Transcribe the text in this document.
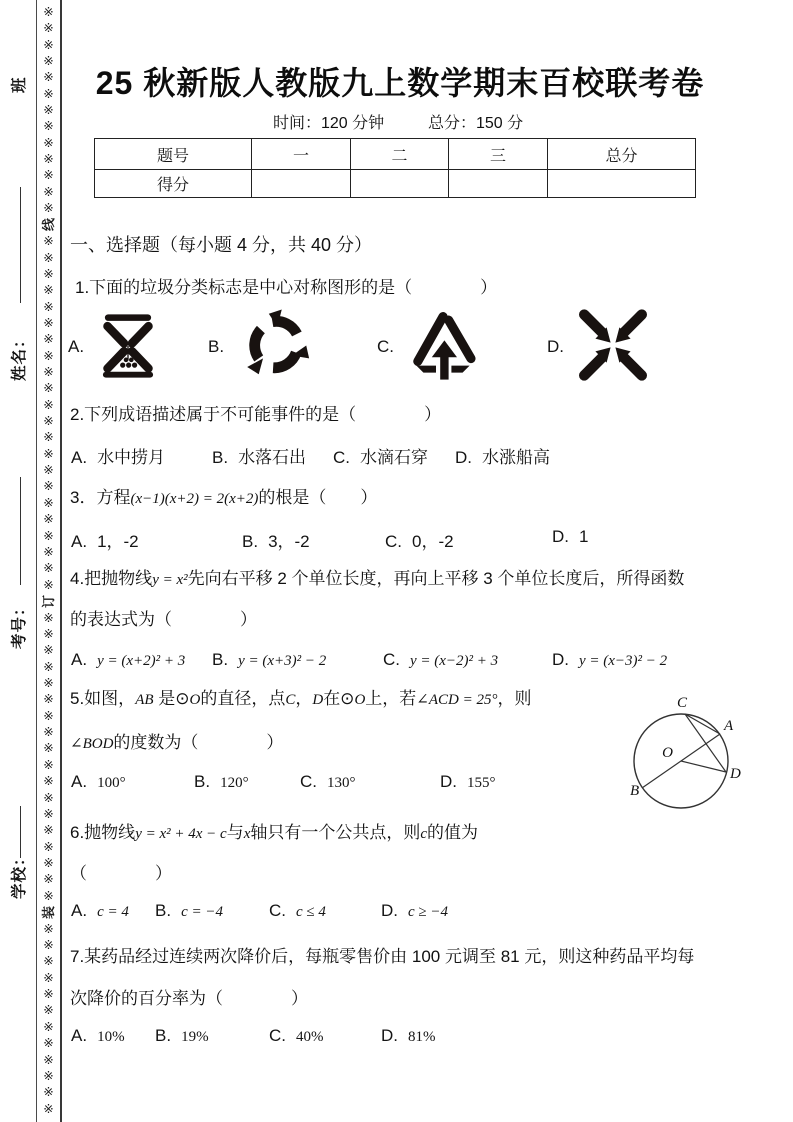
※
※
※
※
※
※
※
※
※
※
※
※
※
线
※
※
※
※
※
※
※
※
※
※
※
※
※
※
※
※
※
※
※
※
※
※
订
※
※
※
※
※
※
※
※
※
※
※
※
※
※
※
※
※
※
装
※
※
※
※
※
※
※
※
※
※
※
※
班
姓名：
考号：
学校：
25 秋新版人教版九上数学期末百校联考卷
时间：120 分钟	总分：150 分
题号	一	二	三	总分
得分				
一、选择题（每小题 4 分，共 40 分）
1.下面的垃圾分类标志是中心对称图形的是（　　　　）
A.	B.	C.	D.
2.下列成语描述属于不可能事件的是（　　　　）
A. 水中捞月	B. 水落石出 C. 水滴石穿 D. 水涨船高
3．方程(x−1)(x+2) = 2(x+2)的根是（　　）
A. 1，-2	B. 3，-2	C. 0，-2	D. 1
4.把抛物线y = x²先向右平移 2 个单位长度，再向上平移 3 个单位长度后，所得函数
的表达式为（　　　　）
A. y = (x+2)² + 3 B. y = (x+3)² − 2	C. y = (x−2)² + 3	D. y = (x−3)² − 2
5.如图，AB 是⊙O的直径，点C，D在⊙O上，若∠ACD = 25°，则
∠BOD的度数为（　　　　）
A. 100°	B. 120°	C. 130°	D. 155°
C
A
O
D
B
6.抛物线y = x² + 4x − c与x轴只有一个公共点，则c的值为
（　　　　）
A. c = 4 B. c = −4	C. c ≤ 4	D. c ≥ −4
7.某药品经过连续两次降价后，每瓶零售价由 100 元调至 81 元，则这种药品平均每
次降价的百分率为（　　　　）
A. 10% B. 19%	C. 40%	D. 81%
